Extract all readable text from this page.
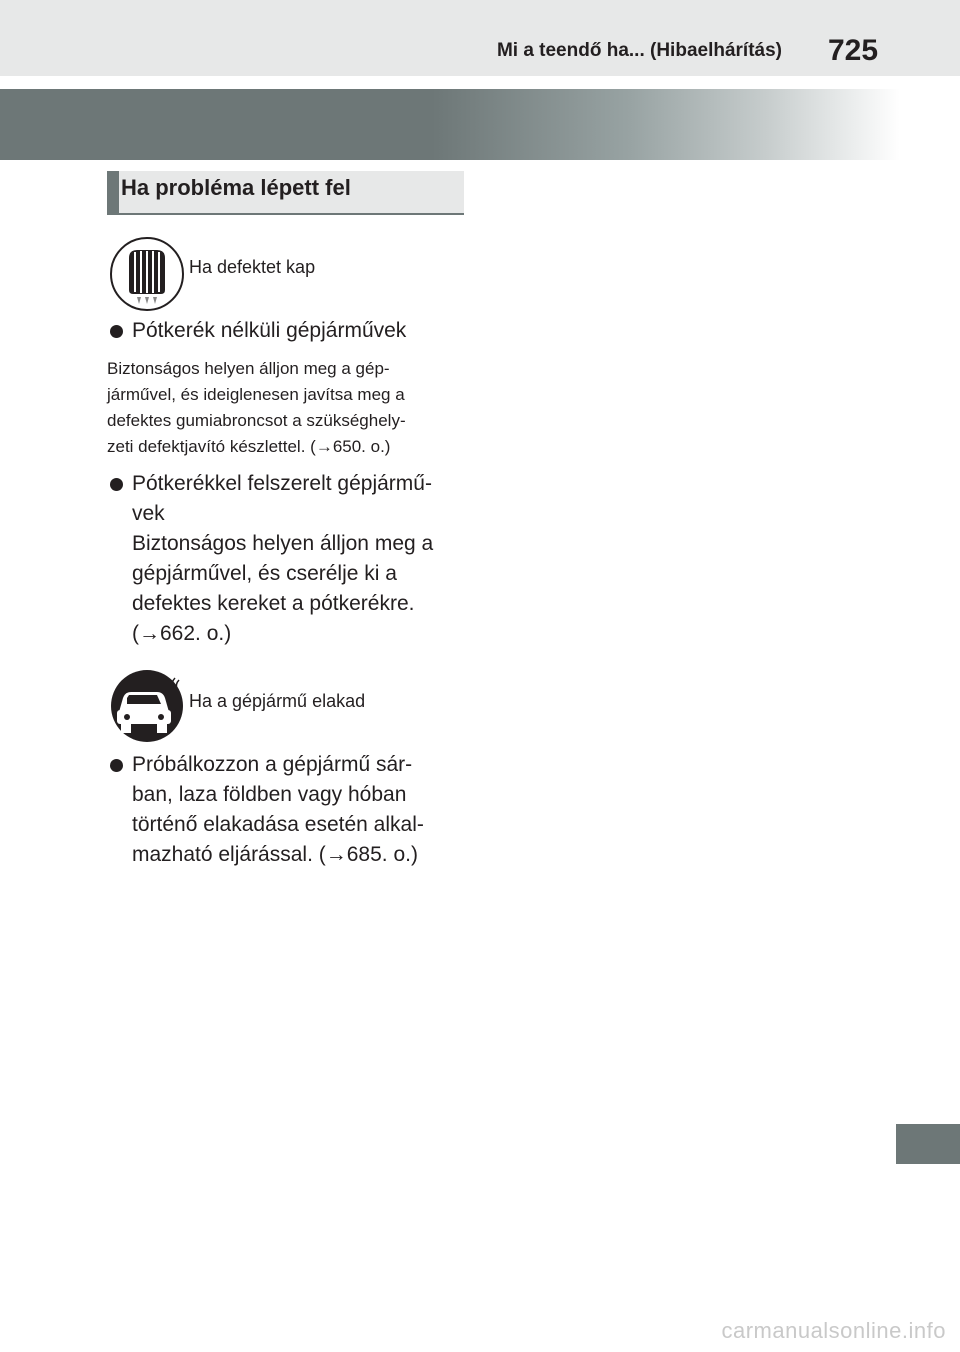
Mi a teendő ha... (Hibaelhárítás) 725
Ha probléma lépett fel
Ha defektet kap
Pótkerék nélküli gépjárművek
Biztonságos helyen álljon meg a gép-
járművel, és ideiglenesen javítsa meg a
defektes gumiabroncsot a szükséghely-
zeti defektjavító készlettel. (→650. o.)
Pótkerékkel felszerelt gépjármű-
vek
Biztonságos helyen álljon meg a
gépjárművel, és cserélje ki a
defektes kereket a pótkerékre.
(→662. o.)
Ha a gépjármű elakad
Próbálkozzon a gépjármű sár-
ban, laza földben vagy hóban
történő elakadása esetén alkal-
mazható eljárással. (→685. o.)
carmanualsonline.info
